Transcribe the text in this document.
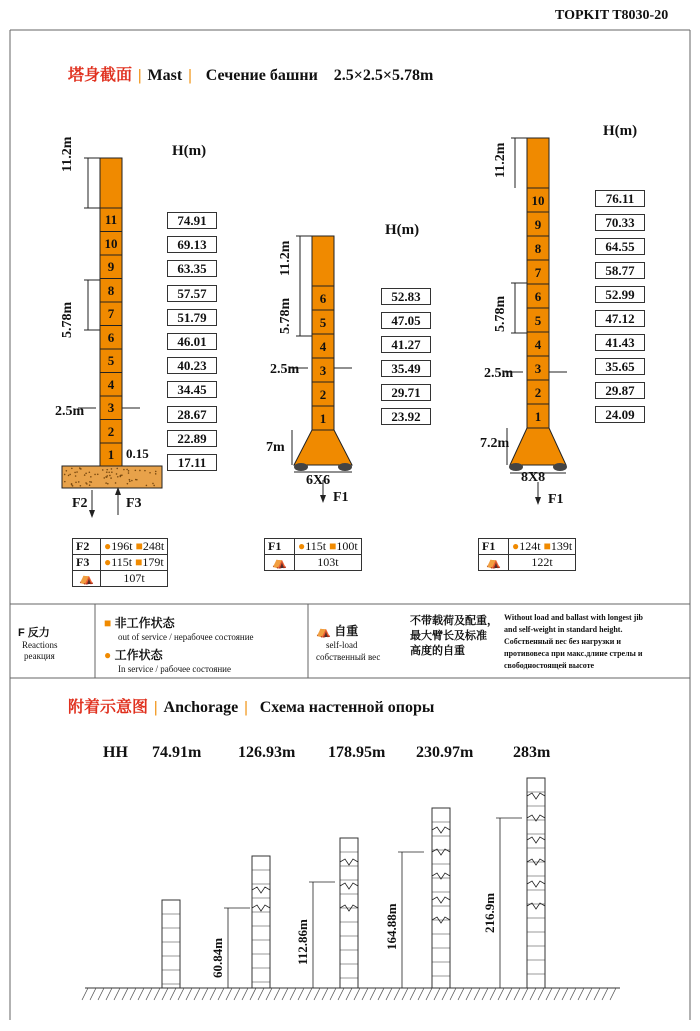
TOPKIT T8030-20
塔身截面 | Mast | Сечение башни 2.5×2.5×5.78m
H(m)
11.2m
5.78m
2.5m
0.15
F2	F3
11
10
9
8
7
6
5
4
3
2
1
74.91
69.13
63.35
57.57
51.79
46.01
40.23
34.45
28.67
22.89
17.11
H(m)
11.2m
5.78m
2.5m
7m
6X6
F1
6
5
4
3
2
1
52.83
47.05
41.27
35.49
29.71
23.92
H(m)
11.2m
5.78m
2.5m
7.2m
8X8
F1
10
9
8
7
6
5
4
3
2
1
76.11
70.33
64.55
58.77
52.99
47.12
41.43
35.65
29.87
24.09
F2	●196t ■248t
F3	●115t ■179t
⛺	107t
F1	●115t ■100t
⛺	103t
F1	●124t ■139t
⛺	122t
F 反力
Reactions
реакция
■ 非工作状态
out of service / нерабочее состояние
● 工作状态
In service / рабочее состояние
⛺ 自重
self-load
собственный вес
不带载荷及配重，
最大臂长及标准
高度的自重
Without load and ballast with longest jib
and self-weight in standard height.
Собственный вес без нагрузки и
противовеса при макс.длине стрелы и
свободностоящей высоте
附着示意图 | Anchorage | Схема настенной опоры
HH 74.91m 126.93m 178.95m 230.97m 283m
60.84m	112.86m	164.88m	216.9m
